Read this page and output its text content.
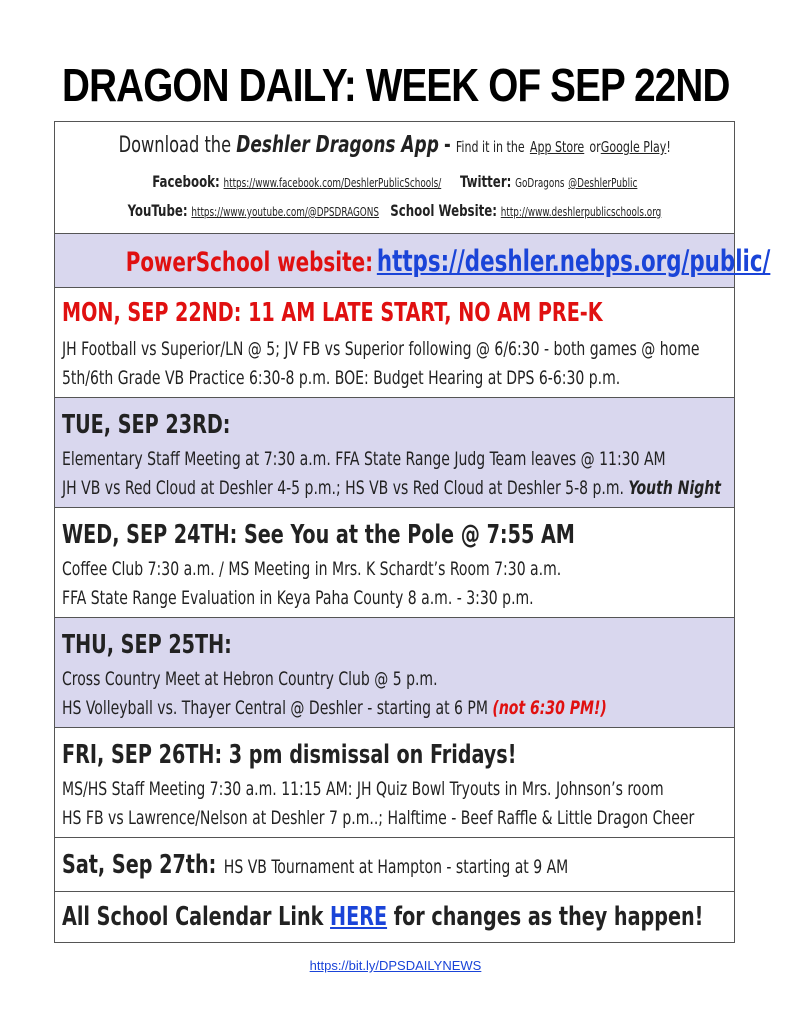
DRAGON DAILY: WEEK OF SEP 22ND
Download the Deshler Dragons App - Find it in the App Store orGoogle Play!
Facebook: https://www.facebook.com/DeshlerPublicSchools/ Twitter: GoDragons @DeshlerPublic
YouTube: https://www.youtube.com/@DPSDRAGONS School Website: http://www.deshlerpublicschools.org
PowerSchool website: https://deshler.nebps.org/public/
MON, SEP 22ND: 11 AM LATE START, NO AM PRE-K
JH Football vs Superior/LN @ 5; JV FB vs Superior following @ 6/6:30 - both games @ home
5th/6th Grade VB Practice 6:30-8 p.m. BOE: Budget Hearing at DPS 6-6:30 p.m.
TUE, SEP 23RD:
Elementary Staff Meeting at 7:30 a.m. FFA State Range Judg Team leaves @ 11:30 AM
JH VB vs Red Cloud at Deshler 4-5 p.m.; HS VB vs Red Cloud at Deshler 5-8 p.m. Youth Night
WED, SEP 24TH: See You at the Pole @ 7:55 AM
Coffee Club 7:30 a.m. / MS Meeting in Mrs. K Schardt’s Room 7:30 a.m.
FFA State Range Evaluation in Keya Paha County 8 a.m. - 3:30 p.m.
THU, SEP 25TH:
Cross Country Meet at Hebron Country Club @ 5 p.m.
HS Volleyball vs. Thayer Central @ Deshler - starting at 6 PM (not 6:30 PM!)
FRI, SEP 26TH: 3 pm dismissal on Fridays!
MS/HS Staff Meeting 7:30 a.m. 11:15 AM: JH Quiz Bowl Tryouts in Mrs. Johnson’s room
HS FB vs Lawrence/Nelson at Deshler 7 p.m..; Halftime - Beef Raffle & Little Dragon Cheer
Sat, Sep 27th: HS VB Tournament at Hampton - starting at 9 AM
All School Calendar Link HERE for changes as they happen!
https://bit.ly/DPSDAILYNEWS
